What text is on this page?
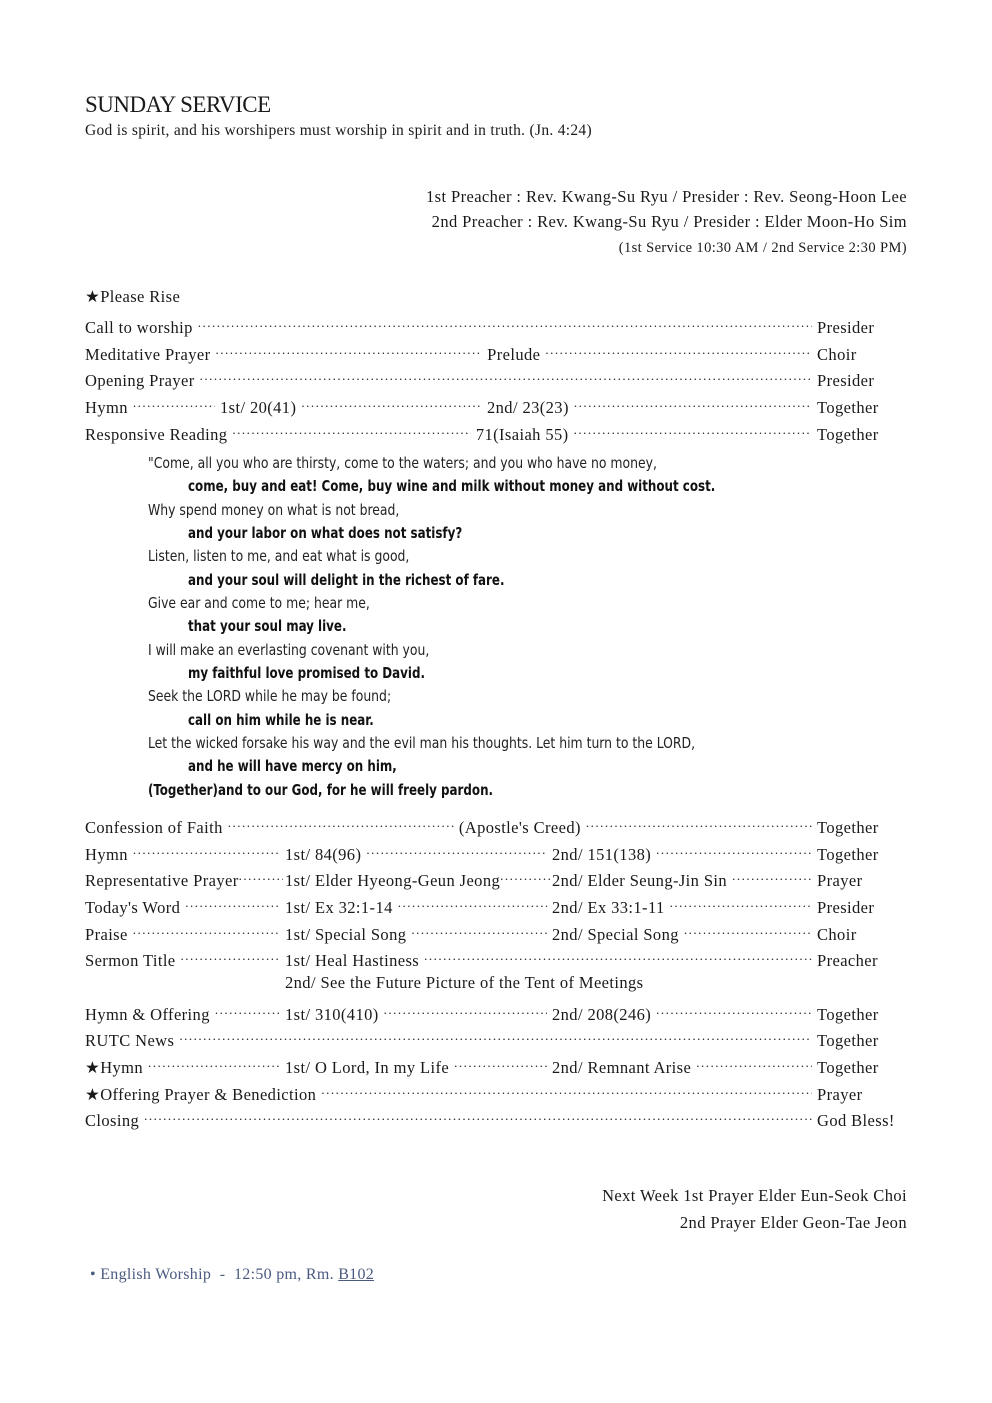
SUNDAY SERVICE
God is spirit, and his worshipers must worship in spirit and in truth. (Jn. 4:24)
1st Preacher : Rev. Kwang-Su Ryu / Presider : Rev. Seong-Hoon Lee
2nd Preacher : Rev. Kwang-Su Ryu / Presider : Elder Moon-Ho Sim
(1st Service 10:30 AM / 2nd Service 2:30 PM)
★Please Rise
Call to worship .....	Presider
Meditative Prayer .....	Prelude .....	Choir
Opening Prayer .....	Presider
Hymn .....	1st/ 20(41) .....	2nd/ 23(23) .....	Together
Responsive Reading .....	71(Isaiah 55) .....	Together
"Come, all you who are thirsty, come to the waters; and you who have no money,
come, buy and eat! Come, buy wine and milk without money and without cost.
Why spend money on what is not bread,
and your labor on what does not satisfy?
Listen, listen to me, and eat what is good,
and your soul will delight in the richest of fare.
Give ear and come to me; hear me,
that your soul may live.
I will make an everlasting covenant with you,
my faithful love promised to David.
Seek the LORD while he may be found;
call on him while he is near.
Let the wicked forsake his way and the evil man his thoughts. Let him turn to the LORD,
and he will have mercy on him,
(Together)and to our God, for he will freely pardon.
Confession of Faith .....	(Apostle's Creed) .....	Together
Hymn .....	1st/ 84(96) .....	2nd/ 151(138) .....	Together
Representative Prayer .....	1st/ Elder Hyeong-Geun Jeong .....	2nd/ Elder Seung-Jin Sin .....	Prayer
Today's Word .....	1st/ Ex 32:1-14 .....	2nd/ Ex 33:1-11 .....	Presider
Praise .....	1st/ Special Song .....	2nd/ Special Song .....	Choir
Sermon Title .....	1st/ Heal Hastiness .....	Preacher
2nd/ See the Future Picture of the Tent of Meetings
Hymn & Offering .....	1st/ 310(410) .....	2nd/ 208(246) .....	Together
RUTC News .....	Together
★Hymn .....	1st/ O Lord, In my Life .....	2nd/ Remnant Arise .....	Together
★Offering Prayer & Benediction .....	Prayer
Closing .....	God Bless!
Next Week 1st Prayer Elder Eun-Seok Choi
2nd Prayer Elder Geon-Tae Jeon
• English Worship  -  12:50 pm, Rm. B102
